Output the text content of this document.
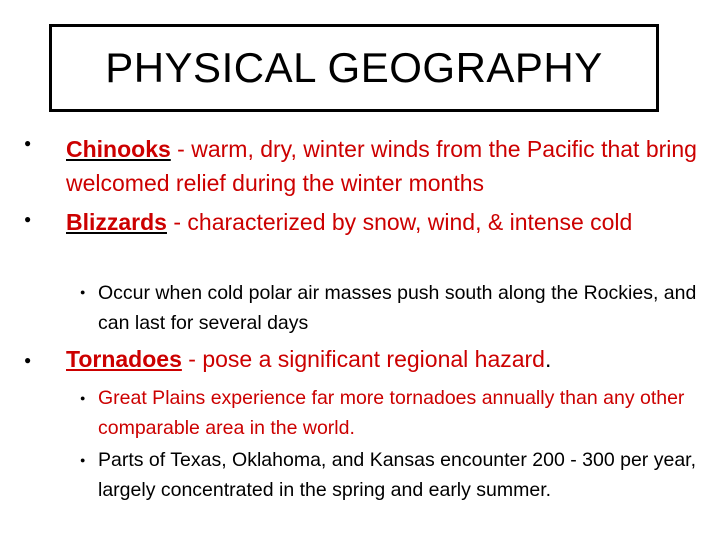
PHYSICAL GEOGRAPHY
● Chinooks - warm, dry, winter winds from the Pacific that bring welcomed relief during the winter months

● Blizzards - characterized by snow, wind, & intense cold

● Occur when cold polar air masses push south along the Rockies, and can last for several days

● Tornadoes - pose a significant regional hazard.

● Great Plains experience far more tornadoes annually than any other comparable area in the world.

● Parts of Texas, Oklahoma, and Kansas encounter 200 - 300 per year, largely concentrated in the spring and early summer.
